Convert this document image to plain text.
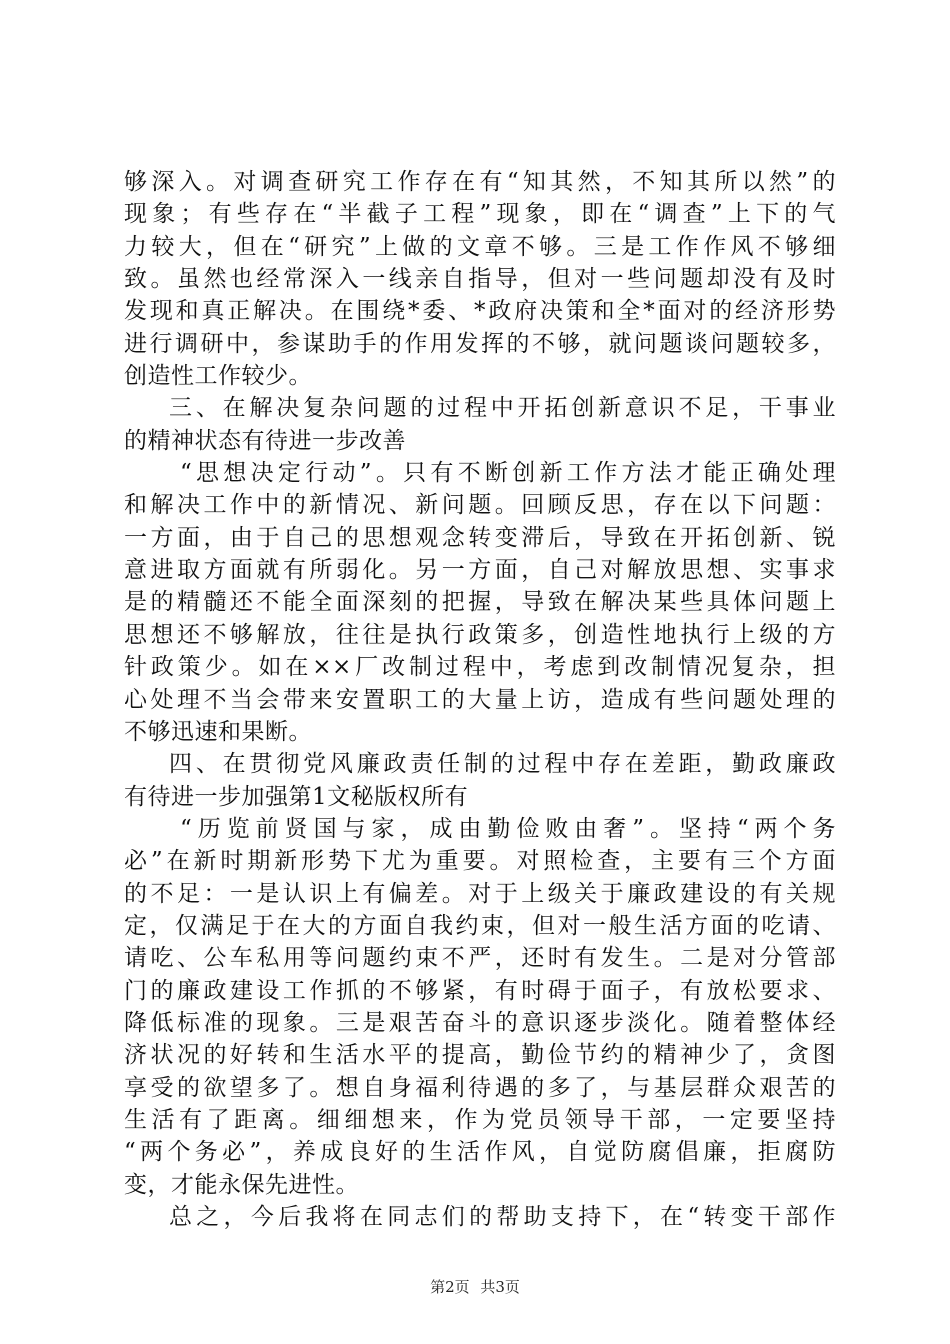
够深入。对调查研究工作存在有“知其然，不知其所以然”的
现象；有些存在“半截子工程”现象，即在“调查”上下的气
力较大，但在“研究”上做的文章不够。三是工作作风不够细
致。虽然也经常深入一线亲自指导，但对一些问题却没有及时
发现和真正解决。在围绕*委、*政府决策和全*面对的经济形势
进行调研中，参谋助手的作用发挥的不够，就问题谈问题较多，
创造性工作较少。
三、在解决复杂问题的过程中开拓创新意识不足，干事业
的精神状态有待进一步改善
“思想决定行动”。只有不断创新工作方法才能正确处理
和解决工作中的新情况、新问题。回顾反思，存在以下问题：
一方面，由于自己的思想观念转变滞后，导致在开拓创新、锐
意进取方面就有所弱化。另一方面，自己对解放思想、实事求
是的精髓还不能全面深刻的把握，导致在解决某些具体问题上
思想还不够解放，往往是执行政策多，创造性地执行上级的方
针政策少。如在××厂改制过程中，考虑到改制情况复杂，担
心处理不当会带来安置职工的大量上访，造成有些问题处理的
不够迅速和果断。
四、在贯彻党风廉政责任制的过程中存在差距，勤政廉政
有待进一步加强第1文秘版权所有
“历览前贤国与家，成由勤俭败由奢”。坚持“两个务
必”在新时期新形势下尤为重要。对照检查，主要有三个方面
的不足：一是认识上有偏差。对于上级关于廉政建设的有关规
定，仅满足于在大的方面自我约束，但对一般生活方面的吃请、
请吃、公车私用等问题约束不严，还时有发生。二是对分管部
门的廉政建设工作抓的不够紧，有时碍于面子，有放松要求、
降低标准的现象。三是艰苦奋斗的意识逐步淡化。随着整体经
济状况的好转和生活水平的提高，勤俭节约的精神少了，贪图
享受的欲望多了。想自身福利待遇的多了，与基层群众艰苦的
生活有了距离。细细想来，作为党员领导干部，一定要坚持
“两个务必”，养成良好的生活作风，自觉防腐倡廉，拒腐防
变，才能永保先进性。
总之，今后我将在同志们的帮助支持下，在“转变干部作
第2页 共3页
